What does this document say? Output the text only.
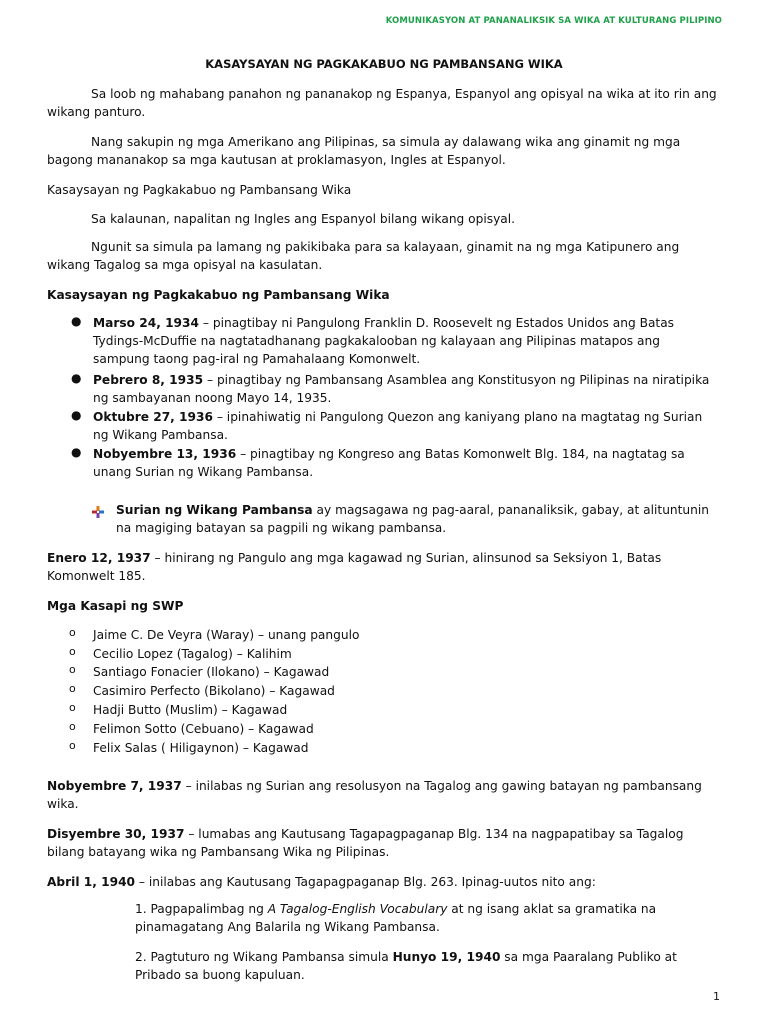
KOMUNIKASYON AT PANANALIKSIK SA WIKA AT KULTURANG PILIPINO
KASAYSAYAN NG PAGKAKABUO NG PAMBANSANG WIKA
Sa loob ng mahabang panahon ng pananakop ng Espanya, Espanyol ang opisyal na wika at ito rin ang wikang panturo.
Nang sakupin ng mga Amerikano ang Pilipinas, sa simula ay dalawang wika ang ginamit ng mga bagong mananakop sa mga kautusan at proklamasyon, Ingles at Espanyol.
Kasaysayan ng Pagkakabuo ng Pambansang Wika
Sa kalaunan, napalitan ng Ingles ang Espanyol bilang wikang opisyal.
Ngunit sa simula pa lamang ng pakikibaka para sa kalayaan, ginamit na ng mga Katipunero ang wikang Tagalog sa mga opisyal na kasulatan.
Kasaysayan ng Pagkakabuo ng Pambansang Wika
● Marso 24, 1934 – pinagtibay ni Pangulong Franklin D. Roosevelt ng Estados Unidos ang Batas Tydings-McDuffie na nagtatadhanang pagkakalooban ng kalayaan ang Pilipinas matapos ang sampung taong pag-iral ng Pamahalaang Komonwelt.
● Pebrero 8, 1935 – pinagtibay ng Pambansang Asamblea ang Konstitusyon ng Pilipinas na niratipika ng sambayanan noong Mayo 14, 1935.
● Oktubre 27, 1936 – ipinahiwatig ni Pangulong Quezon ang kaniyang plano na magtatag ng Surian ng Wikang Pambansa.
● Nobyembre 13, 1936 – pinagtibay ng Kongreso ang Batas Komonwelt Blg. 184, na nagtatag sa unang Surian ng Wikang Pambansa.
Surian ng Wikang Pambansa ay magsagawa ng pag-aaral, pananaliksik, gabay, at alituntunin na magiging batayan sa pagpili ng wikang pambansa.
Enero 12, 1937 – hinirang ng Pangulo ang mga kagawad ng Surian, alinsunod sa Seksiyon 1, Batas Komonwelt 185.
Mga Kasapi ng SWP
o Jaime C. De Veyra (Waray) – unang pangulo
o Cecilio Lopez (Tagalog) – Kalihim
o Santiago Fonacier (Ilokano) – Kagawad
o Casimiro Perfecto (Bikolano) – Kagawad
o Hadji Butto (Muslim) – Kagawad
o Felimon Sotto (Cebuano) – Kagawad
o Felix Salas ( Hiligaynon) – Kagawad
Nobyembre 7, 1937 – inilabas ng Surian ang resolusyon na Tagalog ang gawing batayan ng pambansang wika.
Disyembre 30, 1937 – lumabas ang Kautusang Tagapagpaganap Blg. 134 na nagpapatibay sa Tagalog bilang batayang wika ng Pambansang Wika ng Pilipinas.
Abril 1, 1940 – inilabas ang Kautusang Tagapagpaganap Blg. 263. Ipinag-uutos nito ang:
1. Pagpapalimbag ng A Tagalog-English Vocabulary at ng isang aklat sa gramatika na pinamagatang Ang Balarila ng Wikang Pambansa.
2. Pagtuturo ng Wikang Pambansa simula Hunyo 19, 1940 sa mga Paaralang Publiko at Pribado sa buong kapuluan.
1
